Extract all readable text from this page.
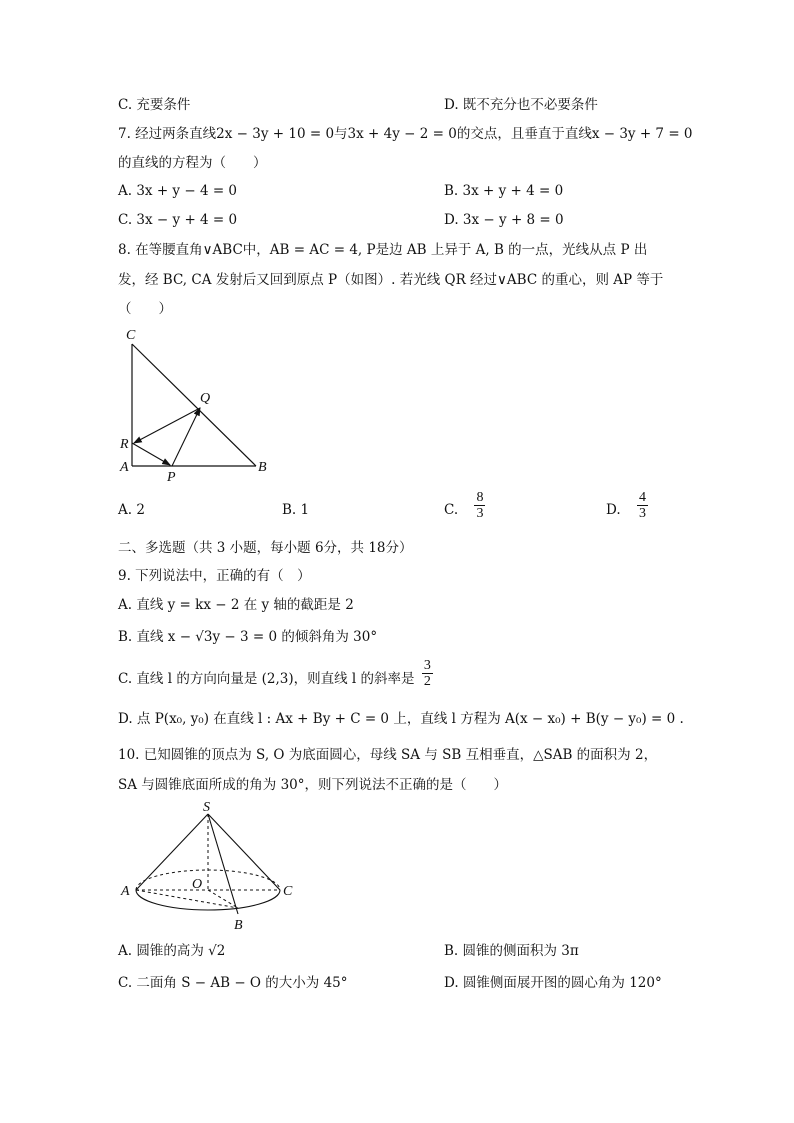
C. 充要条件	D. 既不充分也不必要条件
7. 经过两条直线2x − 3y + 10 = 0与3x + 4y − 2 = 0的交点，且垂直于直线x − 3y + 7 = 0
的直线的方程为（　　）
A. 3x + y − 4 = 0	B. 3x + y + 4 = 0
C. 3x − y + 4 = 0	D. 3x − y + 8 = 0
8. 在等腰直角∨ABC中，AB = AC = 4, P是边 AB 上异于 A, B 的一点，光线从点 P 出
发，经 BC, CA 发射后又回到原点 P（如图）. 若光线 QR 经过∨ABC 的重心，则 AP 等于
（　　）
C
Q
R
A
P
B
A. 2	B. 1	C. $\frac{8}{3}$	D. $\frac{4}{3}$
二、多选题（共 3 小题，每小题 6分，共 18分）
9. 下列说法中，正确的有（　）
A. 直线 y = kx − 2 在 y 轴的截距是 2
B. 直线 x − √3y − 3 = 0 的倾斜角为 30°
C. 直线 l 的方向向量是 (2,3)，则直线 l 的斜率是 $\frac{3}{2}$
D. 点 P(x₀, y₀) 在直线 l : Ax + By + C = 0 上，直线 l 方程为 A(x − x₀) + B(y − y₀) = 0 .
10. 已知圆锥的顶点为 S, O 为底面圆心，母线 SA 与 SB 互相垂直，△SAB 的面积为 2，
SA 与圆锥底面所成的角为 30°，则下列说法不正确的是（　　）
S
A	O	C
B
A. 圆锥的高为 √2	B. 圆锥的侧面积为 3π
C. 二面角 S − AB − O 的大小为 45°	D. 圆锥侧面展开图的圆心角为 120°
